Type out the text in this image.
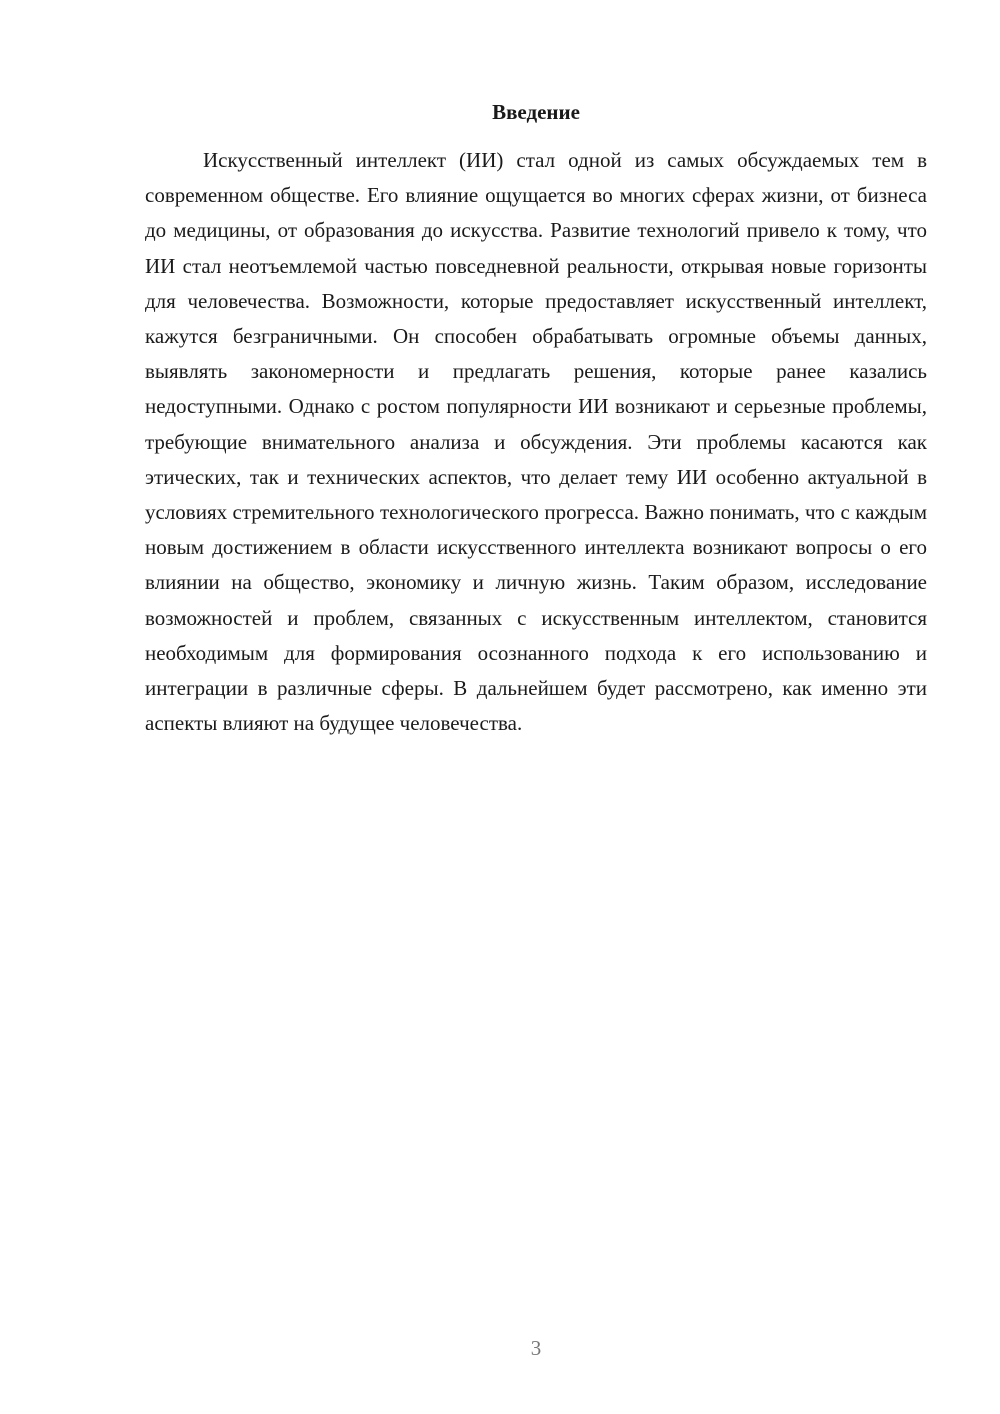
Введение

Искусственный интеллект (ИИ) стал одной из самых обсуждаемых тем в современном обществе. Его влияние ощущается во многих сферах жизни, от бизнеса до медицины, от образования до искусства. Развитие технологий привело к тому, что ИИ стал неотъемлемой частью повседневной реальности, открывая новые горизонты для человечества. Возможности, которые предоставляет искусственный интеллект, кажутся безграничными. Он способен обрабатывать огромные объемы данных, выявлять закономерности и предлагать решения, которые ранее казались недоступными. Однако с ростом популярности ИИ возникают и серьезные проблемы, требующие внимательного анализа и обсуждения. Эти проблемы касаются как этических, так и технических аспектов, что делает тему ИИ особенно актуальной в условиях стремительного технологического прогресса. Важно понимать, что с каждым новым достижением в области искусственного интеллекта возникают вопросы о его влиянии на общество, экономику и личную жизнь. Таким образом, исследование возможностей и проблем, связанных с искусственным интеллектом, становится необходимым для формирования осознанного подхода к его использованию и интеграции в различные сферы. В дальнейшем будет рассмотрено, как именно эти аспекты влияют на будущее человечества.

3
